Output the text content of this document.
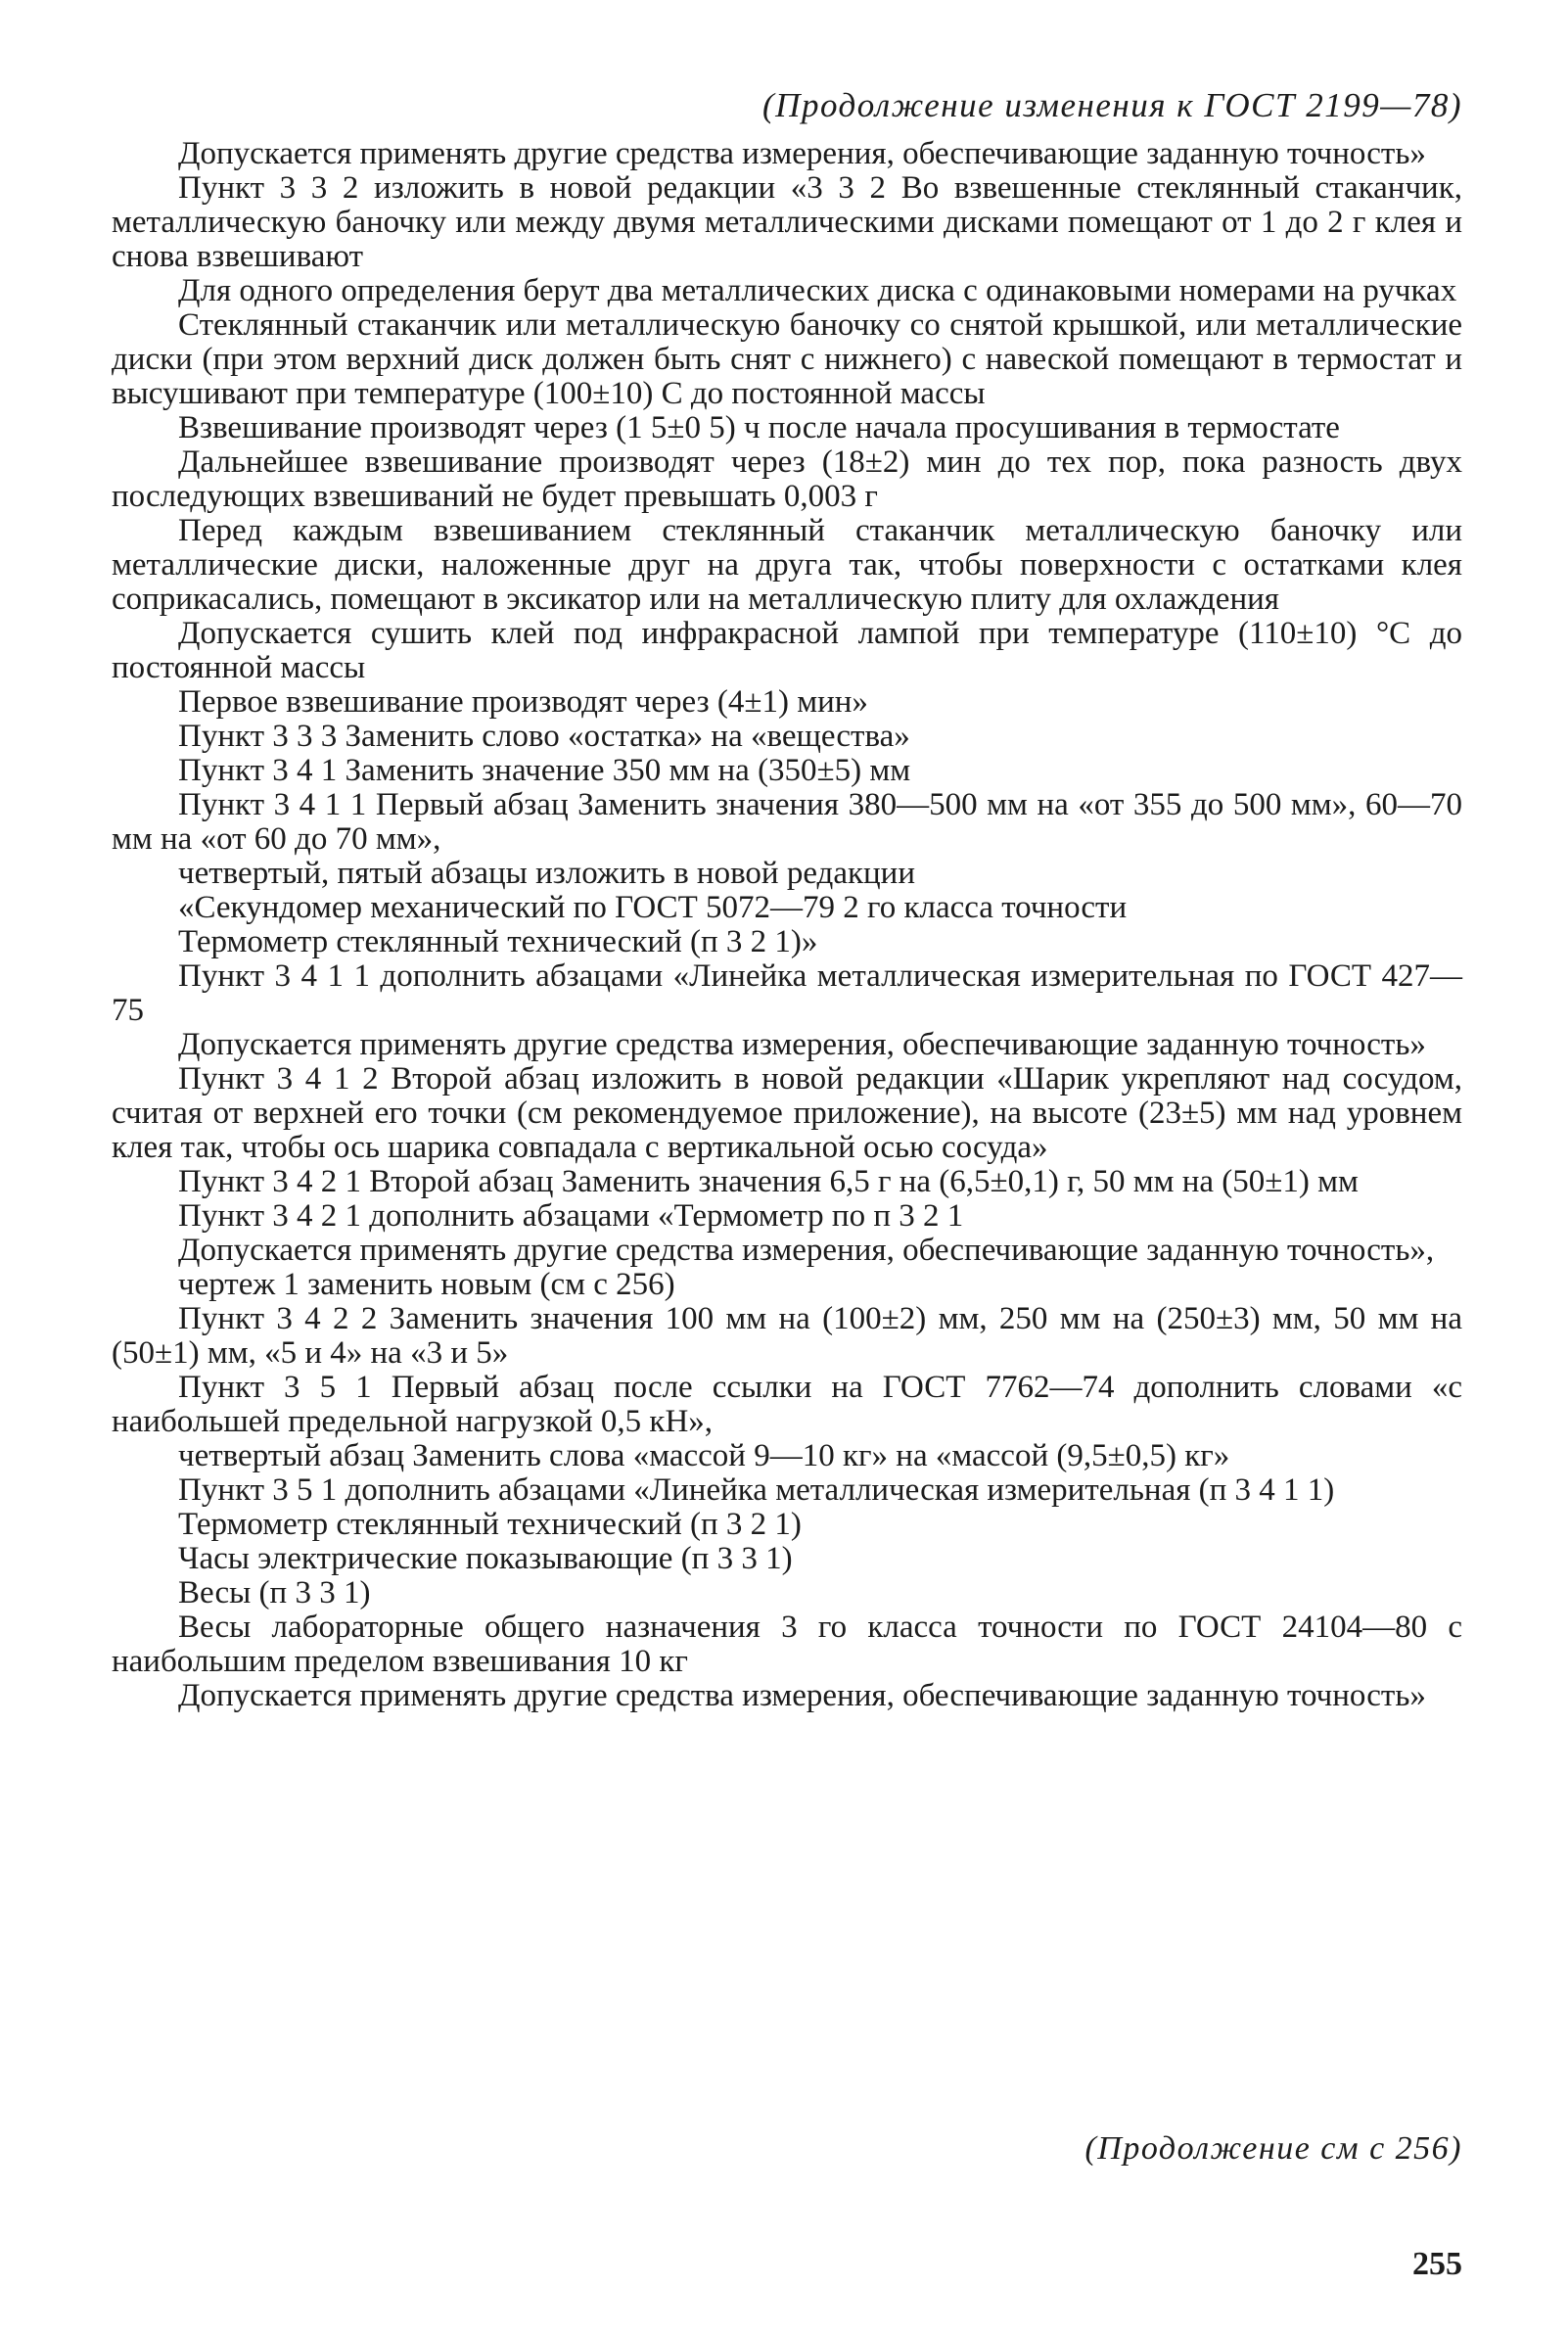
(Продолжение изменения к ГОСТ 2199—78)

Допускается применять другие средства измерения, обеспечивающие заданную точность»

Пункт 3 3 2 изложить в новой редакции «3 3 2 Во взвешенные стеклянный стаканчик, металлическую баночку или между двумя металлическими дисками помещают от 1 до 2 г клея и снова взвешивают

Для одного определения берут два металлических диска с одинаковыми номерами на ручках

Стеклянный стаканчик или металлическую баночку со снятой крышкой, или металлические диски (при этом верхний диск должен быть снят с нижнего) с навеской помещают в термостат и высушивают при температуре (100±10) С до постоянной массы

Взвешивание производят через (1 5±0 5) ч после начала просушивания в термостате

Дальнейшее взвешивание производят через (18±2) мин до тех пор, пока разность двух последующих взвешиваний не будет превышать 0,003 г

Перед каждым взвешиванием стеклянный стаканчик металлическую баночку или металлические диски, наложенные друг на друга так, чтобы поверхности с остатками клея соприкасались, помещают в эксикатор или на металлическую плиту для охлаждения

Допускается сушить клей под инфракрасной лампой при температуре (110±10) °С до постоянной массы

Первое взвешивание производят через (4±1) мин»

Пункт 3 3 3 Заменить слово «остатка» на «вещества»

Пункт 3 4 1 Заменить значение 350 мм на (350±5) мм

Пункт 3 4 1 1 Первый абзац Заменить значения 380—500 мм на «от 355 до 500 мм», 60—70 мм на «от 60 до 70 мм»,

четвертый, пятый абзацы изложить в новой редакции

«Секундомер механический по ГОСТ 5072—79 2 го класса точности

Термометр стеклянный технический (п 3 2 1)»

Пункт 3 4 1 1 дополнить абзацами «Линейка металлическая измерительная по ГОСТ 427—75

Допускается применять другие средства измерения, обеспечивающие заданную точность»

Пункт 3 4 1 2 Второй абзац изложить в новой редакции «Шарик укрепляют над сосудом, считая от верхней его точки (см рекомендуемое приложение), на высоте (23±5) мм над уровнем клея так, чтобы ось шарика совпадала с вертикальной осью сосуда»

Пункт 3 4 2 1 Второй абзац Заменить значения 6,5 г на (6,5±0,1) г, 50 мм на (50±1) мм

Пункт 3 4 2 1 дополнить абзацами «Термометр по п 3 2 1

Допускается применять другие средства измерения, обеспечивающие заданную точность»,

чертеж 1 заменить новым (см с 256)

Пункт 3 4 2 2 Заменить значения 100 мм на (100±2) мм, 250 мм на (250±3) мм, 50 мм на (50±1) мм, «5 и 4» на «3 и 5»

Пункт 3 5 1 Первый абзац после ссылки на ГОСТ 7762—74 дополнить словами «с наибольшей предельной нагрузкой 0,5 кН»,

четвертый абзац Заменить слова «массой 9—10 кг» на «массой (9,5±0,5) кг»

Пункт 3 5 1 дополнить абзацами «Линейка металлическая измерительная (п 3 4 1 1)

Термометр стеклянный технический (п 3 2 1)

Часы электрические показывающие (п 3 3 1)

Весы (п 3 3 1)

Весы лабораторные общего назначения 3 го класса точности по ГОСТ 24104—80 с наибольшим пределом взвешивания 10 кг

Допускается применять другие средства измерения, обеспечивающие заданную точность»

(Продолжение см с 256)
255
